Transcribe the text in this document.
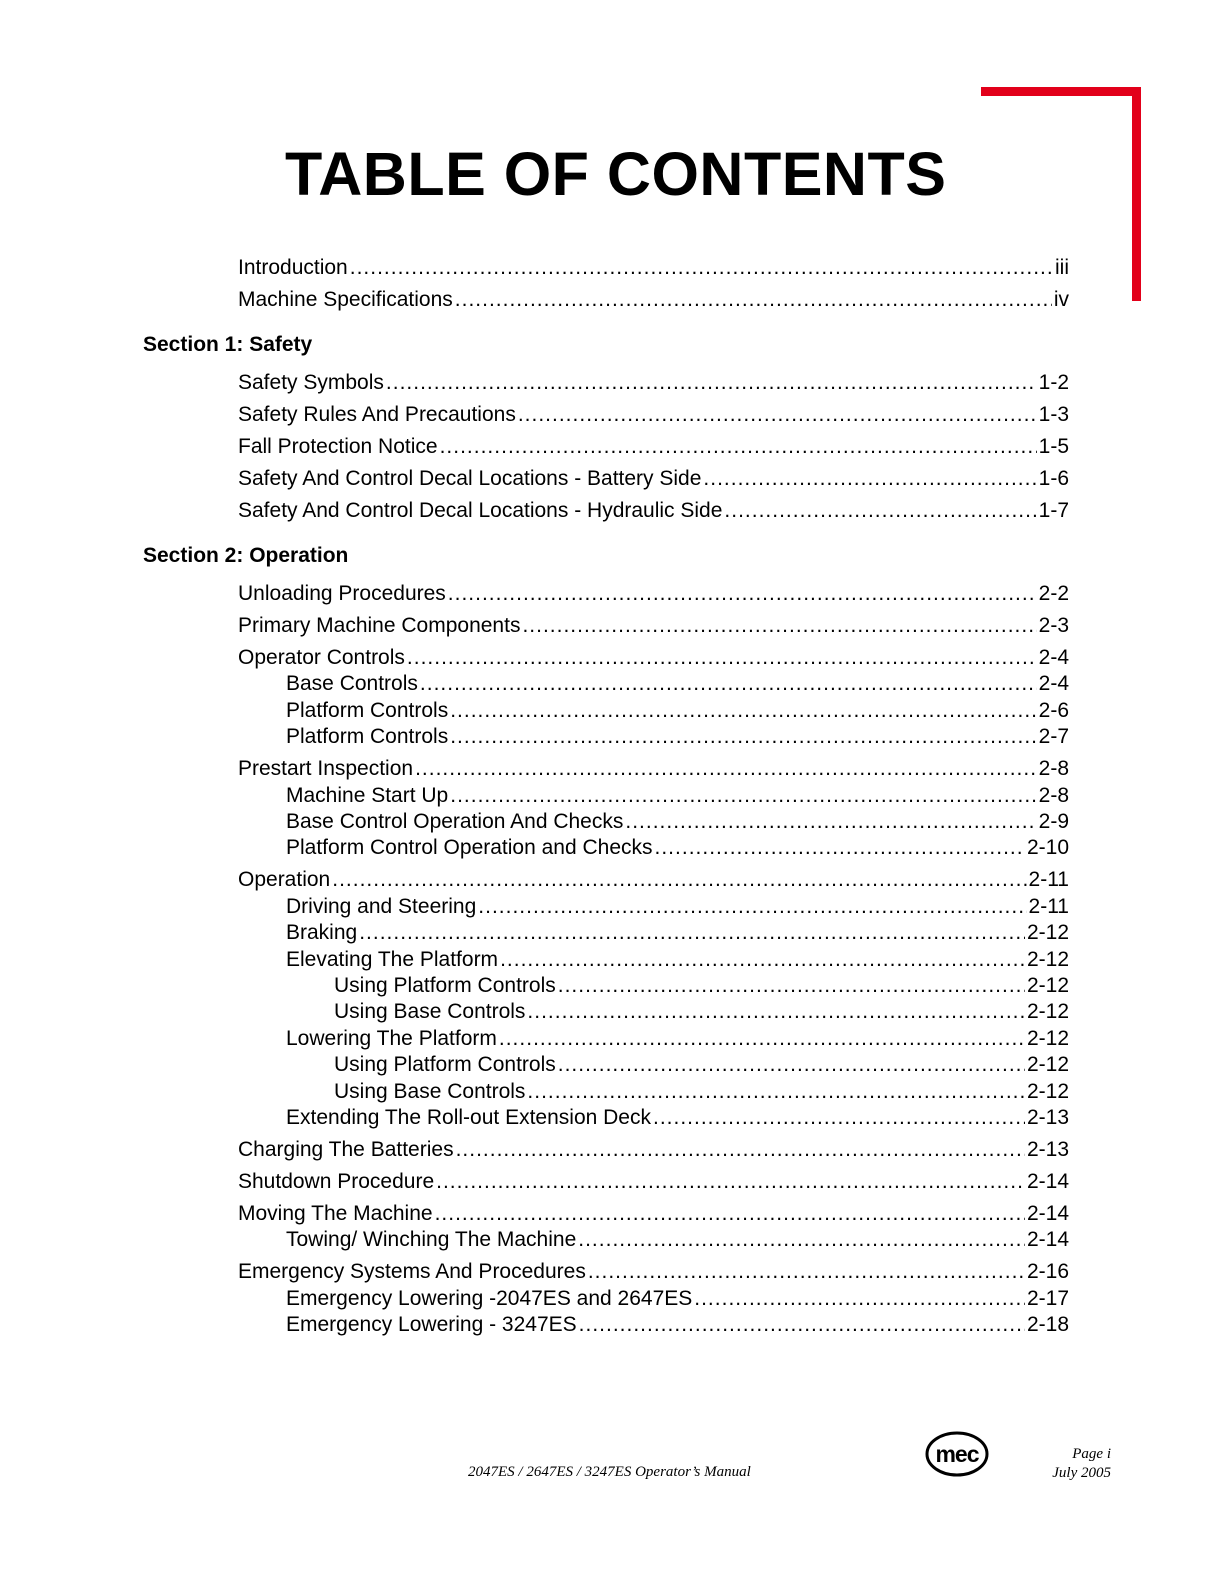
TABLE OF CONTENTS
Introduction .....	iii
Machine Specifications .....	iv
Section 1: Safety
Safety Symbols .....	1-2
Safety Rules And Precautions .....	1-3
Fall Protection Notice .....	1-5
Safety And Control Decal Locations - Battery Side .....	1-6
Safety And Control Decal Locations - Hydraulic Side .....	1-7
Section 2: Operation
Unloading Procedures .....	2-2
Primary Machine Components .....	2-3
Operator Controls .....	2-4
Base Controls .....	2-4
Platform Controls .....	2-6
Platform Controls .....	2-7
Prestart Inspection .....	2-8
Machine Start Up .....	2-8
Base Control Operation And Checks .....	2-9
Platform Control Operation and Checks .....	2-10
Operation .....	2-11
Driving and Steering .....	2-11
Braking .....	2-12
Elevating The Platform .....	2-12
Using Platform Controls .....	2-12
Using Base Controls .....	2-12
Lowering The Platform .....	2-12
Using Platform Controls .....	2-12
Using Base Controls .....	2-12
Extending The Roll-out Extension Deck .....	2-13
Charging The Batteries .....	2-13
Shutdown Procedure .....	2-14
Moving The Machine .....	2-14
Towing/ Winching The Machine .....	2-14
Emergency Systems And Procedures .....	2-16
Emergency Lowering -2047ES and 2647ES .....	2-17
Emergency Lowering - 3247ES .....	2-18
2047ES / 2647ES / 3247ES Operator’s Manual
mec	Page i
July 2005
